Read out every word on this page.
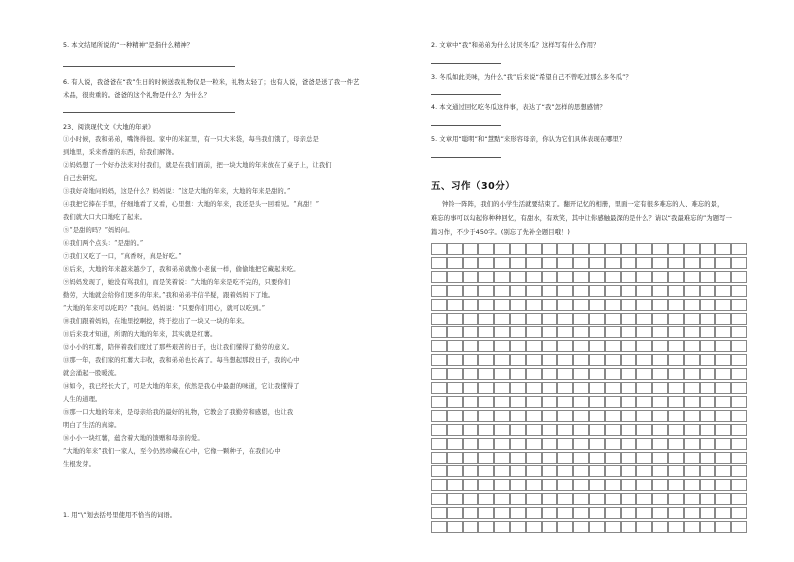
5. 本文结尾所说的“一种精神”是指什么精神？
6. 有人说，我爸爸在“我”生日的时候送我礼物仅是一粒米，礼物太轻了；也有人说，爸爸是送了我一件艺
术品，很贵重的。爸爸的这个礼物是什么？为什么？
23、阅读现代文《大地的年录》
①小时候，我和弟弟，嘴馋得很。家中的米缸里，有一只大米袋，每当我们饿了，母亲总是
到地里，采来香甜的东西，给我们解馋。
②妈妈想了一个好办法来对付我们，就是在我们面前，把一块大地的年来放在了桌子上，让我们
自己去研究。
③我好奇地问妈妈，这是什么？妈妈说：“这是大地的年来，大地的年来是甜的。”
④我把它捧在手里，仔细地看了又看，心里想：大地的年来，我还是头一回看见。“真甜！”
我们就大口大口地吃了起来。
⑤“是甜的吗？”妈妈问。
⑥我们两个点头：“是甜的。”
⑦我们又吃了一口，“真香呀，真是好吃。”
⑧后来，大地的年来越来越少了，我和弟弟就像小老鼠一样，偷偷地把它藏起来吃。
⑨妈妈发现了，她没有骂我们，而是笑着说：“大地的年来是吃不完的，只要你们
勤劳，大地就会给你们更多的年来。”我和弟弟半信半疑，跟着妈妈下了地。
“大地的年来可以吃吗？”我问。妈妈说：“只要你们用心，就可以吃到。”
⑩我们跟着妈妈，在地里挖啊挖，终于挖出了一块又一块的年来。
⑪后来我才知道，所谓的大地的年来，其实就是红薯。
⑫小小的红薯，陪伴着我们度过了那些艰苦的日子，也让我们懂得了勤劳的意义。
⑬那一年，我们家的红薯大丰收，我和弟弟也长高了。每当想起那段日子，我的心中
就会涌起一股暖流。
⑭如今，我已经长大了，可是大地的年来，依然是我心中最甜的味道，它让我懂得了
人生的道理。
⑮那一口大地的年来，是母亲给我的最好的礼物，它教会了我勤劳和感恩，也让我
明白了生活的真谛。
⑯小小一块红薯，蕴含着大地的馈赠和母亲的爱。
“大地的年来”我们一家人，至今仍然珍藏在心中，它像一颗种子，在我们心中
生根发芽。
1. 用“\”划去括号里使用不恰当的词语。
2. 文章中“我”和弟弟为什么讨厌冬瓜？这样写有什么作用？
3. 冬瓜如此美味，为什么“我”后来说“希望自己不曾吃过那么多冬瓜”？
4. 本文通过回忆吃冬瓜这件事，表达了“我”怎样的思想感情？
5. 文章用“聪明”和“慧黠”来形容母亲，你认为它们具体表现在哪里？
五、习作（30分）
钟铃一阵阵，我们的小学生活就要结束了。翻开记忆的相册，里面一定有很多难忘的人、难忘的景，
难忘的事可以勾起你种种回忆，有甜水，有欢笑，其中让你感触最深的是什么？请以“我最难忘的”为题写一
篇习作，不少于450字。(别忘了先补全题目哦！)
